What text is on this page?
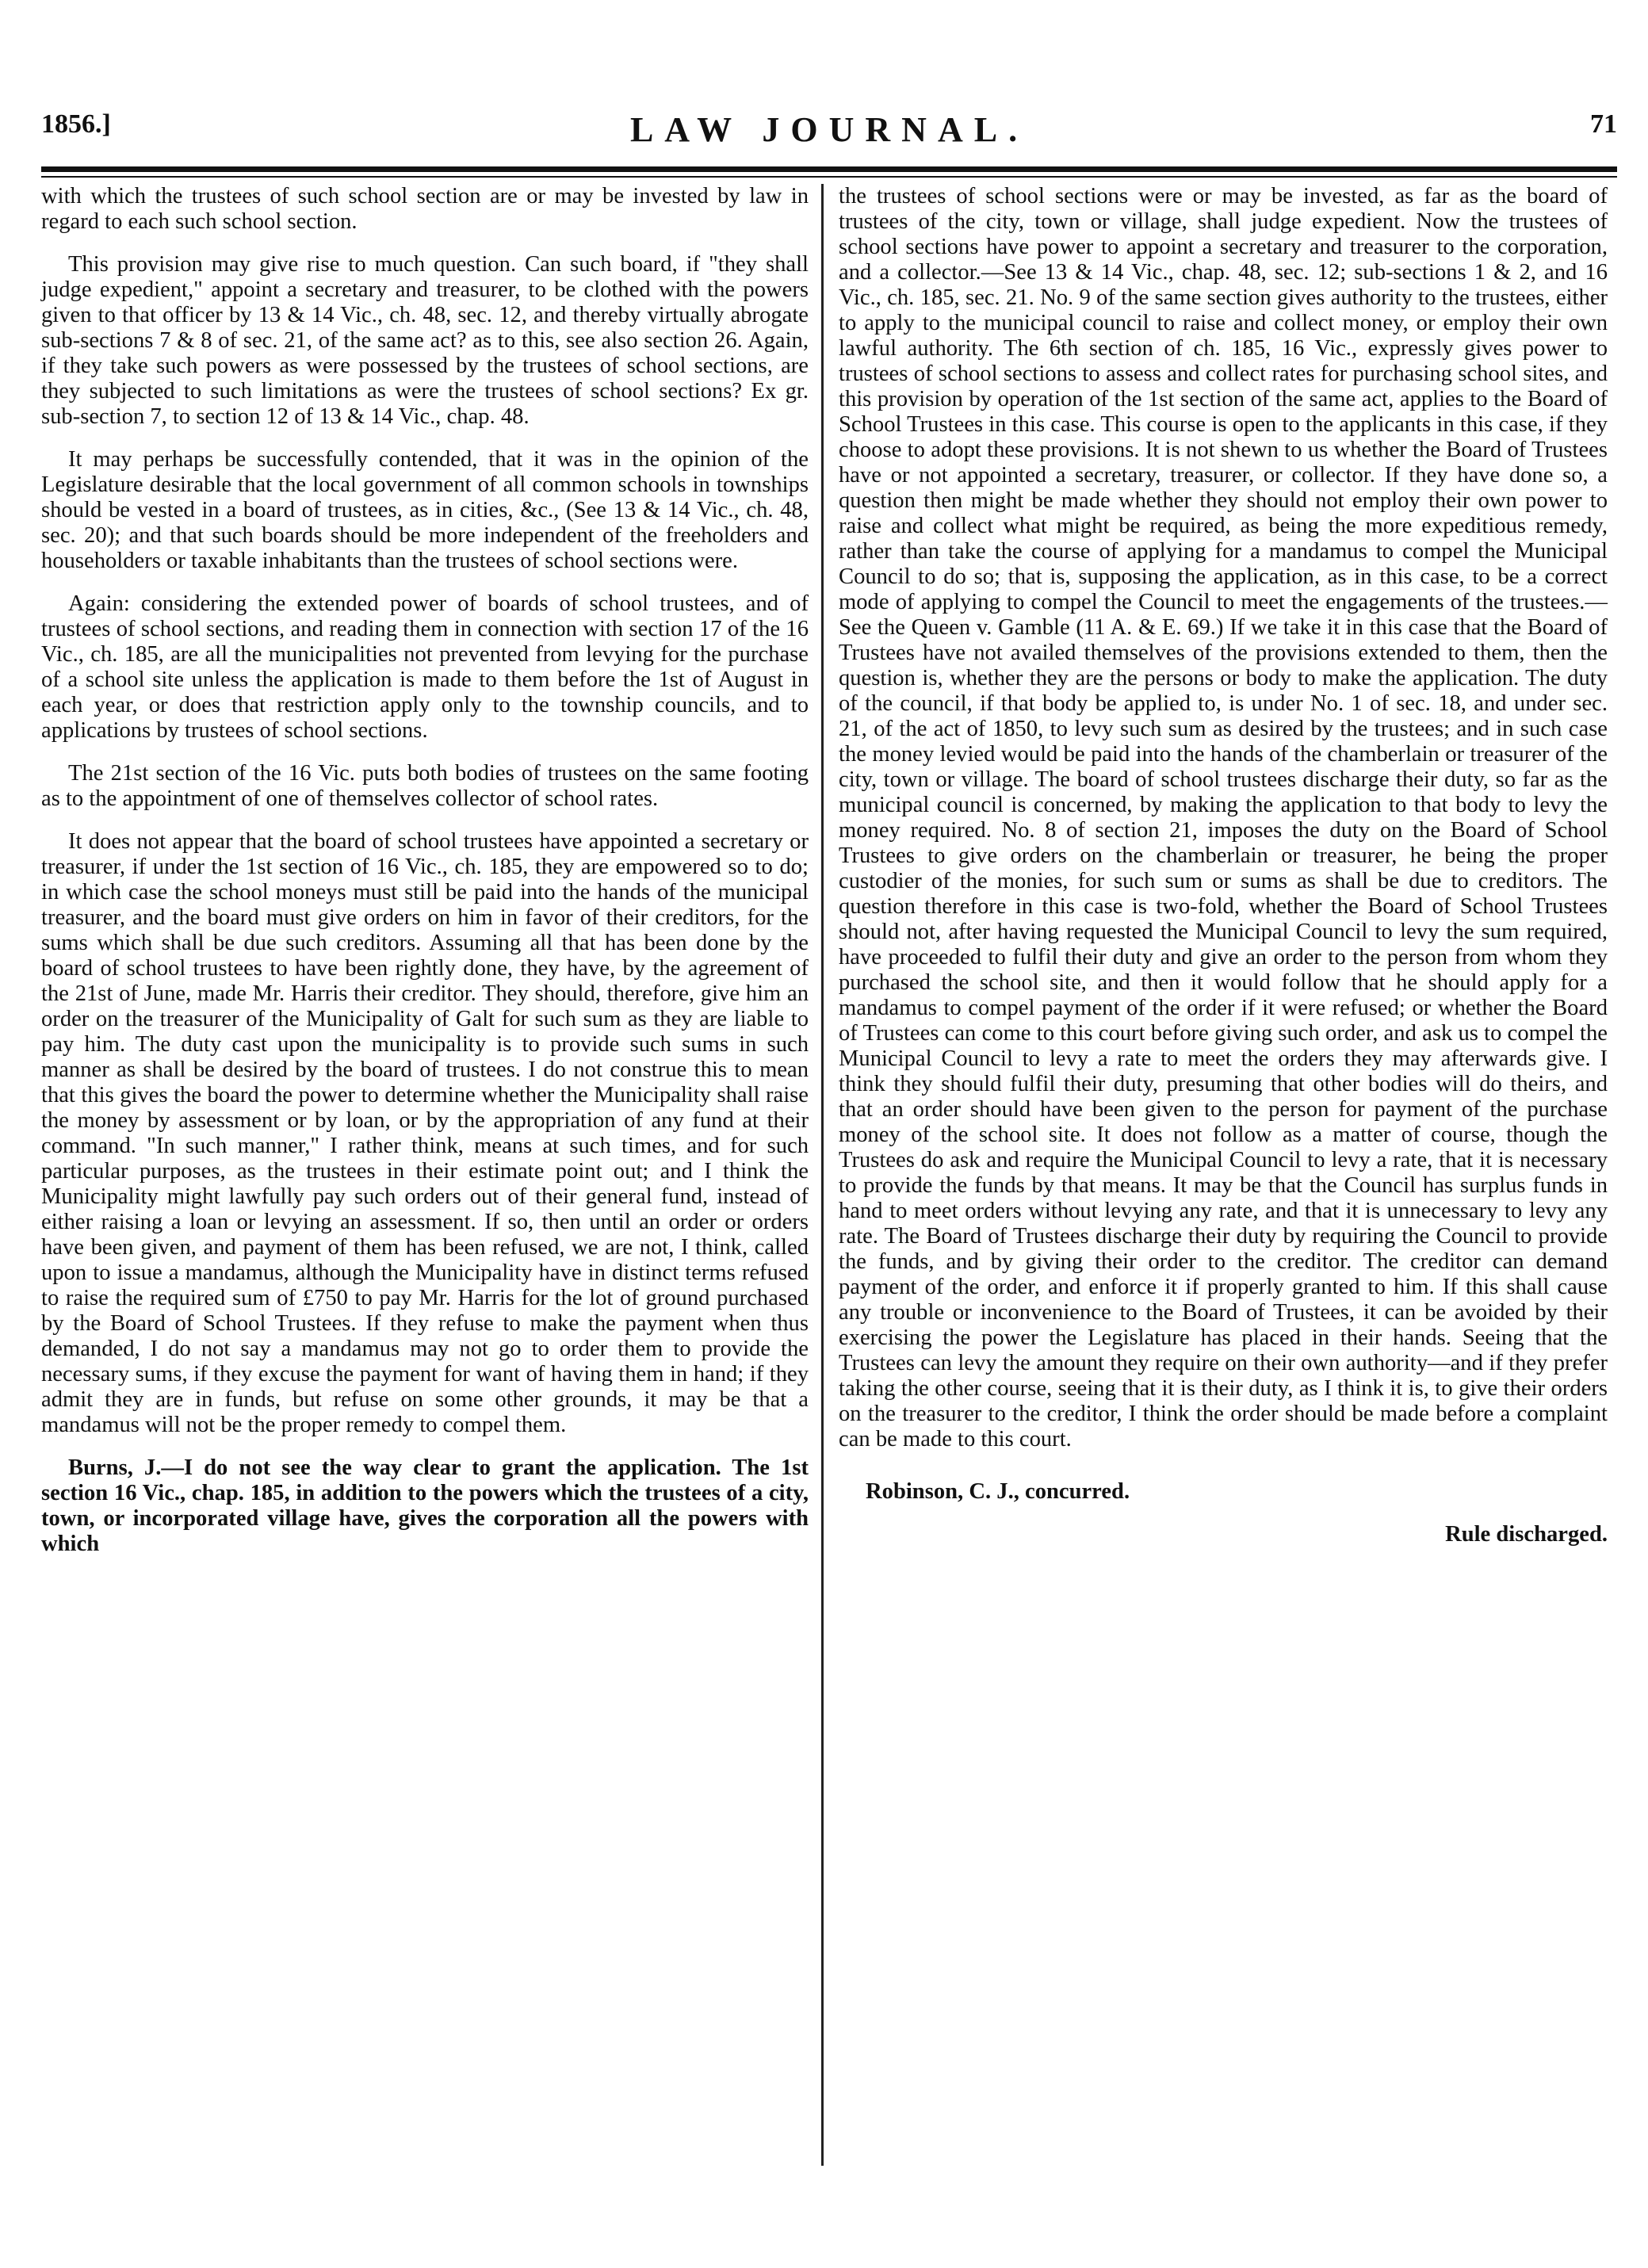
1856.]	LAW JOURNAL.	71

with which the trustees of such school section are or may be invested by law in regard to each such school section.

This provision may give rise to much question. Can such board, if "they shall judge expedient," appoint a secretary and treasurer, to be clothed with the powers given to that officer by 13 & 14 Vic., ch. 48, sec. 12, and thereby virtually abrogate sub-sections 7 & 8 of sec. 21, of the same act? as to this, see also section 26. Again, if they take such powers as were possessed by the trustees of school sections, are they subjected to such limitations as were the trustees of school sections? Ex gr. sub-section 7, to section 12 of 13 & 14 Vic., chap. 48.

It may perhaps be successfully contended, that it was in the opinion of the Legislature desirable that the local government of all common schools in townships should be vested in a board of trustees, as in cities, &c., (See 13 & 14 Vic., ch. 48, sec. 20); and that such boards should be more independent of the freeholders and householders or taxable inhabitants than the trustees of school sections were.

Again: considering the extended power of boards of school trustees, and of trustees of school sections, and reading them in connection with section 17 of the 16 Vic., ch. 185, are all the municipalities not prevented from levying for the purchase of a school site unless the application is made to them before the 1st of August in each year, or does that restriction apply only to the township councils, and to applications by trustees of school sections.

The 21st section of the 16 Vic. puts both bodies of trustees on the same footing as to the appointment of one of themselves collector of school rates.

It does not appear that the board of school trustees have appointed a secretary or treasurer, if under the 1st section of 16 Vic., ch. 185, they are empowered so to do; in which case the school moneys must still be paid into the hands of the municipal treasurer, and the board must give orders on him in favor of their creditors, for the sums which shall be due such creditors. Assuming all that has been done by the board of school trustees to have been rightly done, they have, by the agreement of the 21st of June, made Mr. Harris their creditor. They should, therefore, give him an order on the treasurer of the Municipality of Galt for such sum as they are liable to pay him. The duty cast upon the municipality is to provide such sums in such manner as shall be desired by the board of trustees. I do not construe this to mean that this gives the board the power to determine whether the Municipality shall raise the money by assessment or by loan, or by the appropriation of any fund at their command. "In such manner," I rather think, means at such times, and for such particular purposes, as the trustees in their estimate point out; and I think the Municipality might lawfully pay such orders out of their general fund, instead of either raising a loan or levying an assessment. If so, then until an order or orders have been given, and payment of them has been refused, we are not, I think, called upon to issue a mandamus, although the Municipality have in distinct terms refused to raise the required sum of £750 to pay Mr. Harris for the lot of ground purchased by the Board of School Trustees. If they refuse to make the payment when thus demanded, I do not say a mandamus may not go to order them to provide the necessary sums, if they excuse the payment for want of having them in hand; if they admit they are in funds, but refuse on some other grounds, it may be that a mandamus will not be the proper remedy to compel them.

Burns, J.—I do not see the way clear to grant the application. The 1st section 16 Vic., chap. 185, in addition to the powers which the trustees of a city, town, or incorporated village have, gives the corporation all the powers with which

the trustees of school sections were or may be invested, as far as the board of trustees of the city, town or village, shall judge expedient. Now the trustees of school sections have power to appoint a secretary and treasurer to the corporation, and a collector.—See 13 & 14 Vic., chap. 48, sec. 12; sub-sections 1 & 2, and 16 Vic., ch. 185, sec. 21. No. 9 of the same section gives authority to the trustees, either to apply to the municipal council to raise and collect money, or employ their own lawful authority. The 6th section of ch. 185, 16 Vic., expressly gives power to trustees of school sections to assess and collect rates for purchasing school sites, and this provision by operation of the 1st section of the same act, applies to the Board of School Trustees in this case. This course is open to the applicants in this case, if they choose to adopt these provisions. It is not shewn to us whether the Board of Trustees have or not appointed a secretary, treasurer, or collector. If they have done so, a question then might be made whether they should not employ their own power to raise and collect what might be required, as being the more expeditious remedy, rather than take the course of applying for a mandamus to compel the Municipal Council to do so; that is, supposing the application, as in this case, to be a correct mode of applying to compel the Council to meet the engagements of the trustees.—See the Queen v. Gamble (11 A. & E. 69.) If we take it in this case that the Board of Trustees have not availed themselves of the provisions extended to them, then the question is, whether they are the persons or body to make the application. The duty of the council, if that body be applied to, is under No. 1 of sec. 18, and under sec. 21, of the act of 1850, to levy such sum as desired by the trustees; and in such case the money levied would be paid into the hands of the chamberlain or treasurer of the city, town or village. The board of school trustees discharge their duty, so far as the municipal council is concerned, by making the application to that body to levy the money required. No. 8 of section 21, imposes the duty on the Board of School Trustees to give orders on the chamberlain or treasurer, he being the proper custodier of the monies, for such sum or sums as shall be due to creditors. The question therefore in this case is two-fold, whether the Board of School Trustees should not, after having requested the Municipal Council to levy the sum required, have proceeded to fulfil their duty and give an order to the person from whom they purchased the school site, and then it would follow that he should apply for a mandamus to compel payment of the order if it were refused; or whether the Board of Trustees can come to this court before giving such order, and ask us to compel the Municipal Council to levy a rate to meet the orders they may afterwards give. I think they should fulfil their duty, presuming that other bodies will do theirs, and that an order should have been given to the person for payment of the purchase money of the school site. It does not follow as a matter of course, though the Trustees do ask and require the Municipal Council to levy a rate, that it is necessary to provide the funds by that means. It may be that the Council has surplus funds in hand to meet orders without levying any rate, and that it is unnecessary to levy any rate. The Board of Trustees discharge their duty by requiring the Council to provide the funds, and by giving their order to the creditor. The creditor can demand payment of the order, and enforce it if properly granted to him. If this shall cause any trouble or inconvenience to the Board of Trustees, it can be avoided by their exercising the power the Legislature has placed in their hands. Seeing that the Trustees can levy the amount they require on their own authority—and if they prefer taking the other course, seeing that it is their duty, as I think it is, to give their orders on the treasurer to the creditor, I think the order should be made before a complaint can be made to this court.

Robinson, C. J., concurred.

Rule discharged.
